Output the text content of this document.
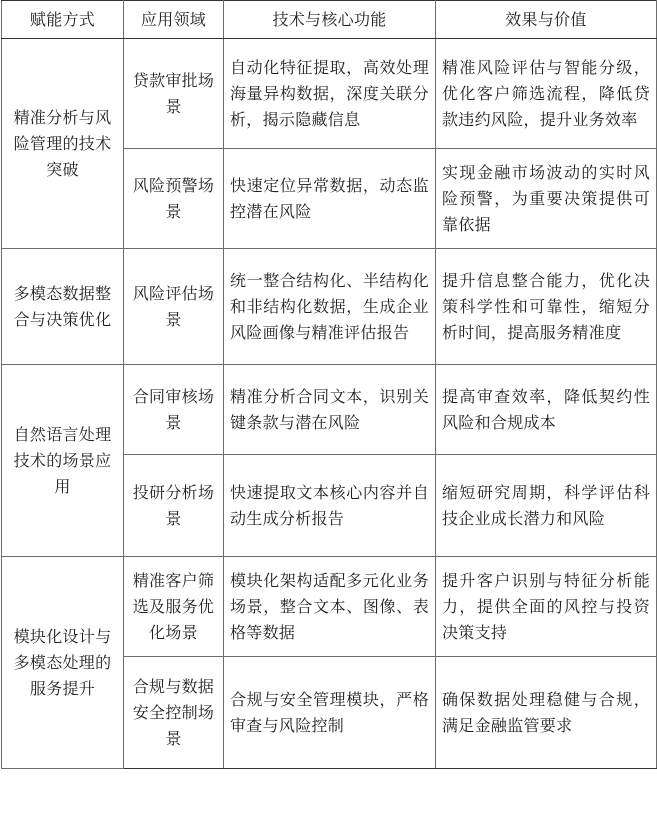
赋能方式	应用领域	技术与核心功能	效果与价值
精准分析与风险管理的技术突破	贷款审批场景	自动化特征提取，高效处理海量异构数据，深度关联分析，揭示隐藏信息	精准风险评估与智能分级，优化客户筛选流程，降低贷款违约风险，提升业务效率
	风险预警场景	快速定位异常数据，动态监控潜在风险	实现金融市场波动的实时风险预警，为重要决策提供可靠依据
多模态数据整合与决策优化	风险评估场景	统一整合结构化、半结构化和非结构化数据，生成企业风险画像与精准评估报告	提升信息整合能力，优化决策科学性和可靠性，缩短分析时间，提高服务精准度
自然语言处理技术的场景应用	合同审核场景	精准分析合同文本，识别关键条款与潜在风险	提高审查效率，降低契约性风险和合规成本
	投研分析场景	快速提取文本核心内容并自动生成分析报告	缩短研究周期，科学评估科技企业成长潜力和风险
模块化设计与多模态处理的服务提升	精准客户筛选及服务优化场景	模块化架构适配多元化业务场景，整合文本、图像、表格等数据	提升客户识别与特征分析能力，提供全面的风控与投资决策支持
	合规与数据安全控制场景	合规与安全管理模块，严格审查与风险控制	确保数据处理稳健与合规，满足金融监管要求
